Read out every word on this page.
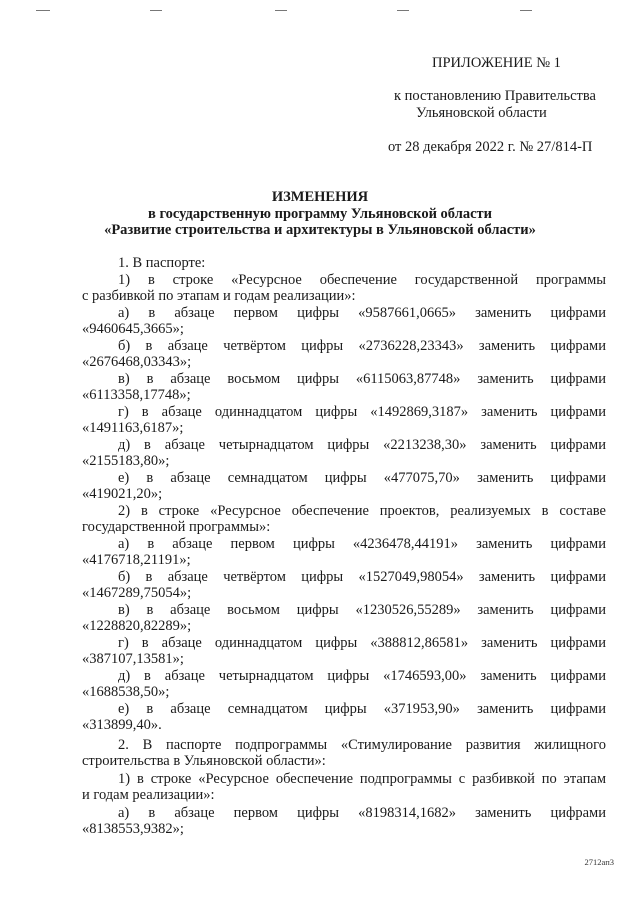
ПРИЛОЖЕНИЕ № 1
к постановлению Правительства
Ульяновской области
от 28 декабря 2022 г. № 27/814-П
ИЗМЕНЕНИЯ
в государственную программу Ульяновской области
«Развитие строительства и архитектуры в Ульяновской области»
1. В паспорте:
1) в строке «Ресурсное обеспечение государственной программы
с разбивкой по этапам и годам реализации»:
а) в абзаце первом цифры «9587661,0665» заменить цифрами
«9460645,3665»;
б) в абзаце четвёртом цифры «2736228,23343» заменить цифрами
«2676468,03343»;
в) в абзаце восьмом цифры «6115063,87748» заменить цифрами
«6113358,17748»;
г) в абзаце одиннадцатом цифры «1492869,3187» заменить цифрами
«1491163,6187»;
д) в абзаце четырнадцатом цифры «2213238,30» заменить цифрами
«2155183,80»;
е) в абзаце семнадцатом цифры «477075,70» заменить цифрами
«419021,20»;
2) в строке «Ресурсное обеспечение проектов, реализуемых в составе
государственной программы»:
а) в абзаце первом цифры «4236478,44191» заменить цифрами
«4176718,21191»;
б) в абзаце четвёртом цифры «1527049,98054» заменить цифрами
«1467289,75054»;
в) в абзаце восьмом цифры «1230526,55289» заменить цифрами
«1228820,82289»;
г) в абзаце одиннадцатом цифры «388812,86581» заменить цифрами
«387107,13581»;
д) в абзаце четырнадцатом цифры «1746593,00» заменить цифрами
«1688538,50»;
е) в абзаце семнадцатом цифры «371953,90» заменить цифрами
«313899,40».
2. В паспорте подпрограммы «Стимулирование развития жилищного
строительства в Ульяновской области»:
1) в строке «Ресурсное обеспечение подпрограммы с разбивкой по этапам
и годам реализации»:
а) в абзаце первом цифры «8198314,1682» заменить цифрами
«8138553,9382»;
2712ап3
